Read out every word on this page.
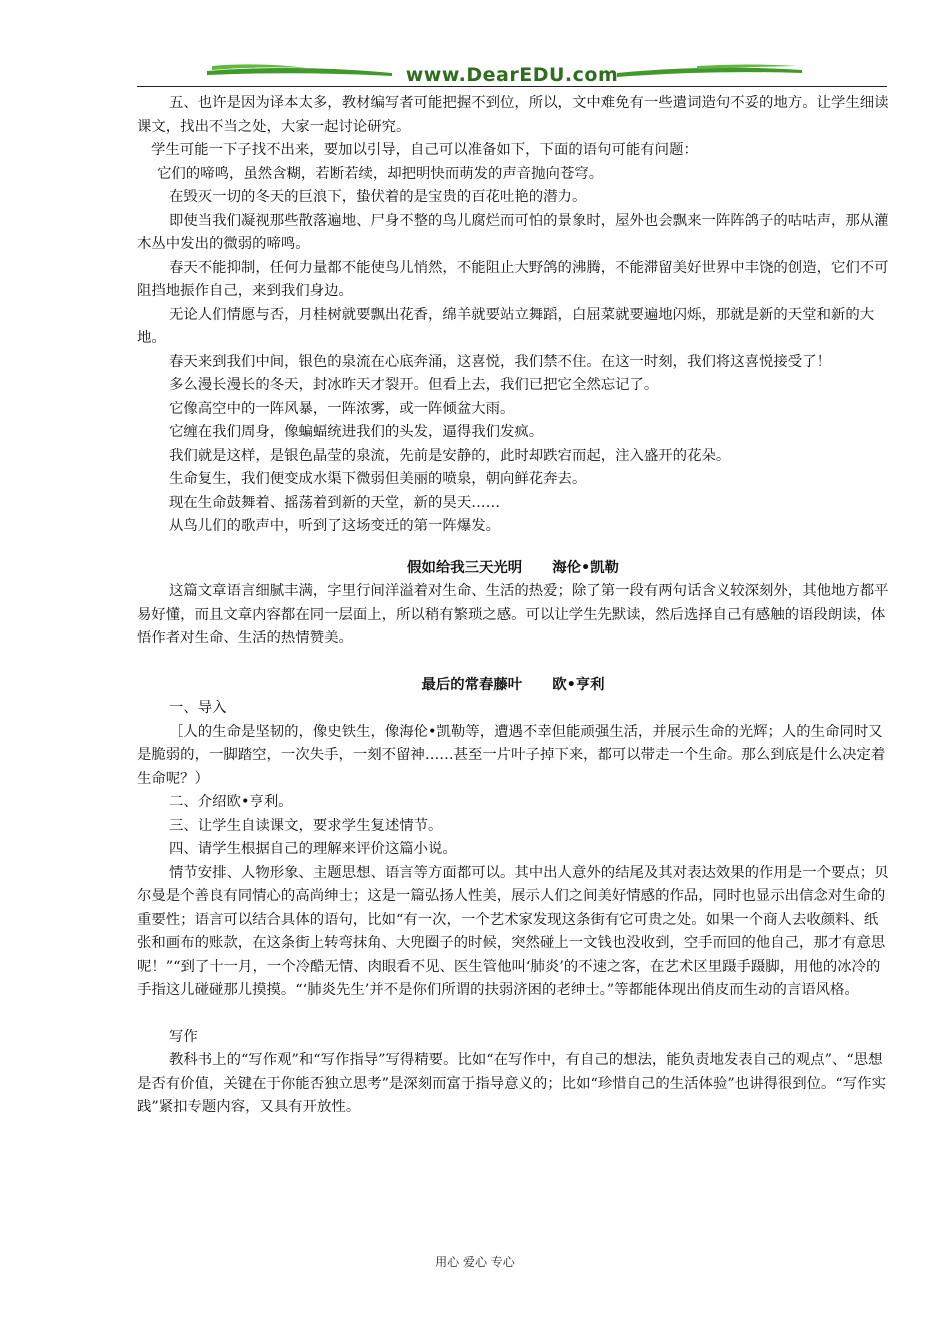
www.DearEDU.com

五、也许是因为译本太多，教材编写者可能把握不到位，所以，文中难免有一些遣词造句不妥的地方。让学生细读课文，找出不当之处，大家一起讨论研究。

学生可能一下子找不出来，要加以引导，自己可以准备如下，下面的语句可能有问题：

它们的啼鸣，虽然含糊，若断若续，却把明快而萌发的声音抛向苍穹。

在毁灭一切的冬天的巨浪下，蛰伏着的是宝贵的百花吐艳的潜力。

即使当我们凝视那些散落遍地、尸身不整的鸟儿腐烂而可怕的景象时，屋外也会飘来一阵阵鸽子的咕咕声，那从灌木丛中发出的微弱的啼鸣。

春天不能抑制，任何力量都不能使鸟儿悄然，不能阻止大野鸽的沸腾，不能滞留美好世界中丰饶的创造，它们不可阻挡地振作自己，来到我们身边。

无论人们情愿与否，月桂树就要飘出花香，绵羊就要站立舞蹈，白屈菜就要遍地闪烁，那就是新的天堂和新的大地。

春天来到我们中间，银色的泉流在心底奔涌，这喜悦，我们禁不住。在这一时刻，我们将这喜悦接受了！

多么漫长漫长的冬天，封冰昨天才裂开。但看上去，我们已把它全然忘记了。

它像高空中的一阵风暴，一阵浓雾，或一阵倾盆大雨。

它缠在我们周身，像蝙蝠统进我们的头发，逼得我们发疯。

我们就是这样，是银色晶莹的泉流，先前是安静的，此时却跌宕而起，注入盛开的花朵。

生命复生，我们便变成水渠下微弱但美丽的喷泉，朝向鲜花奔去。

现在生命鼓舞着、摇荡着到新的天堂，新的昊天……

从鸟儿们的歌声中，听到了这场变迁的第一阵爆发。

假如给我三天光明 海伦•凯勒

这篇文章语言细腻丰满，字里行间洋溢着对生命、生活的热爱；除了第一段有两句话含义较深刻外，其他地方都平易好懂，而且文章内容都在同一层面上，所以稍有繁琐之感。可以让学生先默读，然后选择自己有感触的语段朗读，体悟作者对生命、生活的热情赞美。

最后的常春藤叶 欧•亨利

一、导入

［人的生命是坚韧的，像史铁生，像海伦•凯勒等，遭遇不幸但能顽强生活，并展示生命的光辉；人的生命同时又是脆弱的，一脚踏空，一次失手，一刻不留神……甚至一片叶子掉下来，都可以带走一个生命。那么到底是什么决定着生命呢？）

二、介绍欧•亨利。

三、让学生自读课文，要求学生复述情节。

四、请学生根据自己的理解来评价这篇小说。

情节安排、人物形象、主题思想、语言等方面都可以。其中出人意外的结尾及其对表达效果的作用是一个要点；贝尔曼是个善良有同情心的高尚绅士；这是一篇弘扬人性美，展示人们之间美好情感的作品，同时也显示出信念对生命的重要性；语言可以结合具体的语句，比如“有一次，一个艺术家发现这条街有它可贵之处。如果一个商人去收颜料、纸张和画布的账款，在这条街上转弯抹角、大兜圈子的时候，突然碰上一文钱也没收到，空手而回的他自己，那才有意思呢！”“到了十一月，一个冷酷无情、肉眼看不见、医生管他叫‘肺炎’的不速之客，在艺术区里蹑手蹑脚，用他的冰冷的手指这儿碰碰那儿摸摸。“‘肺炎先生’并不是你们所谓的扶弱济困的老绅士。”等都能体现出俏皮而生动的言语风格。

写作

教科书上的“写作观”和“写作指导”写得精要。比如“在写作中，有自己的想法，能负责地发表自己的观点”、“思想是否有价值，关键在于你能否独立思考”是深刻而富于指导意义的；比如“珍惜自己的生活体验”也讲得很到位。“写作实践”紧扣专题内容，又具有开放性。

用心 爱心 专心
